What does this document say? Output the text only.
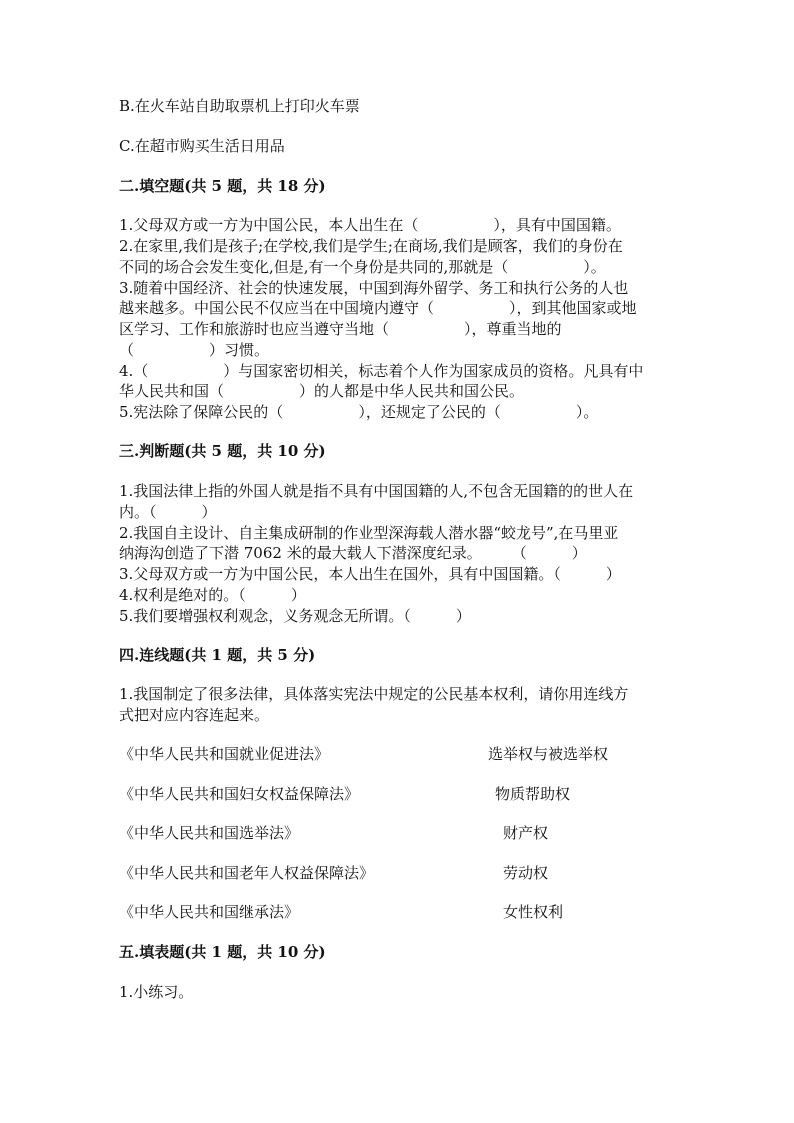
B.在火车站自助取票机上打印火车票
C.在超市购买生活日用品
二.填空题(共 5 题，共 18 分)
1.父母双方或一方为中国公民，本人出生在（　　　　　），具有中国国籍。
2.在家里,我们是孩子;在学校,我们是学生;在商场,我们是顾客，我们的身份在
不同的场合会发生变化,但是,有一个身份是共同的,那就是（　　　　　）。
3.随着中国经济、社会的快速发展，中国到海外留学、务工和执行公务的人也
越来越多。中国公民不仅应当在中国境内遵守（　　　　　），到其他国家或地
区学习、工作和旅游时也应当遵守当地（　　　　　），尊重当地的
（　　　　　）习惯。
4.（　　　　　）与国家密切相关，标志着个人作为国家成员的资格。凡具有中
华人民共和国（　　　　　）的人都是中华人民共和国公民。
5.宪法除了保障公民的（　　　　　），还规定了公民的（　　　　　）。
三.判断题(共 5 题，共 10 分)
1.我国法律上指的外国人就是指不具有中国国籍的人,不包含无国籍的的世人在
内。（　　　）
2.我国自主设计、自主集成研制的作业型深海载人潜水器“蛟龙号”,在马里亚
纳海沟创造了下潜 7062 米的最大载人下潜深度纪录。　　　（　　　）
3.父母双方或一方为中国公民，本人出生在国外，具有中国国籍。（　　　）
4.权利是绝对的。（　　　）
5.我们要增强权利观念，义务观念无所谓。（　　　）
四.连线题(共 1 题，共 5 分)
1.我国制定了很多法律，具体落实宪法中规定的公民基本权利，请你用连线方
式把对应内容连起来。
《中华人民共和国就业促进法》	选举权与被选举权
《中华人民共和国妇女权益保障法》	物质帮助权
《中华人民共和国选举法》	财产权
《中华人民共和国老年人权益保障法》	劳动权
《中华人民共和国继承法》	女性权利
五.填表题(共 1 题，共 10 分)
1.小练习。
